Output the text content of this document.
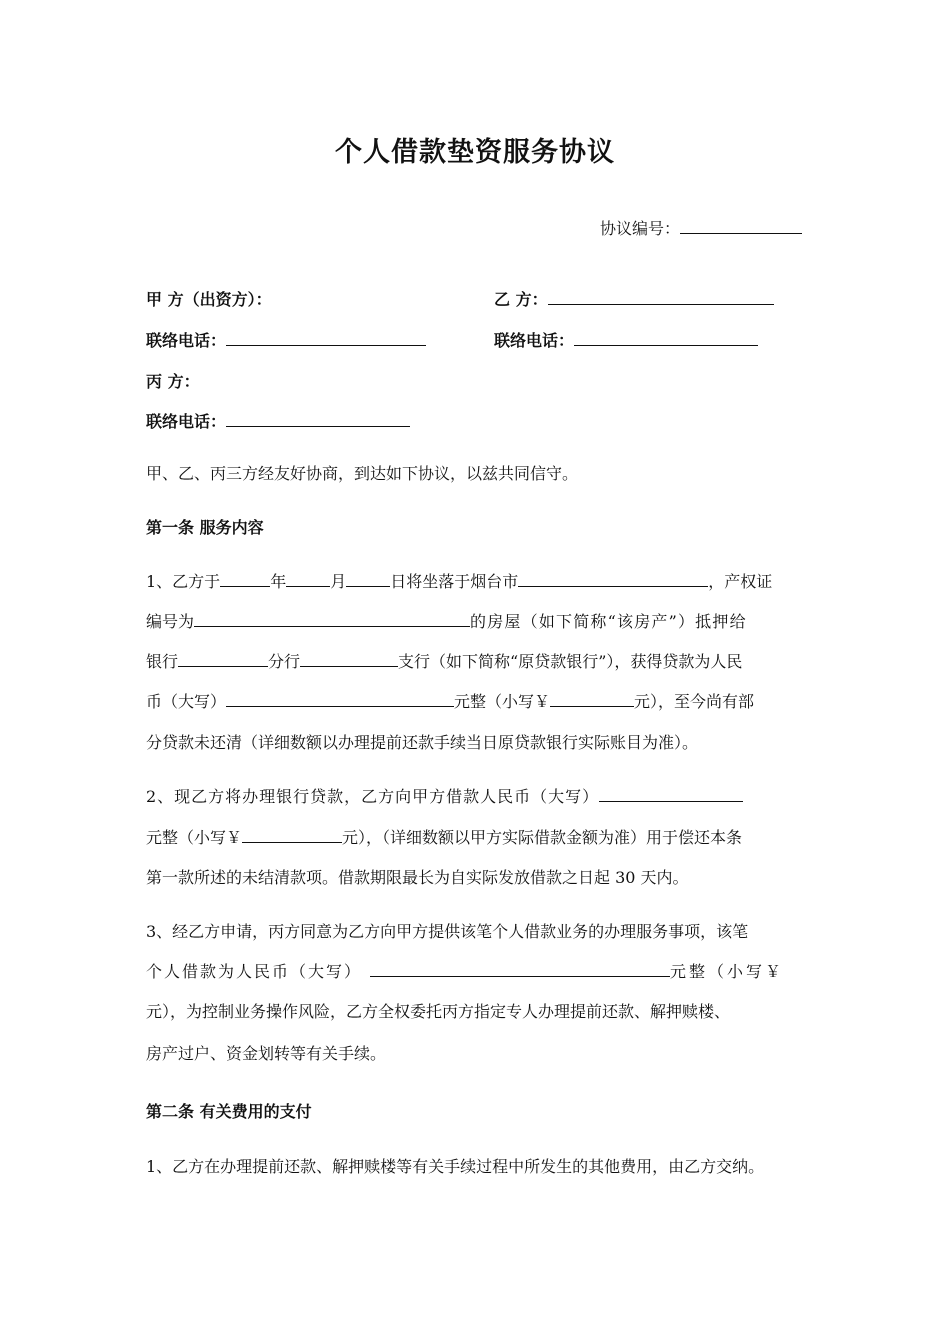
个人借款垫资服务协议
协议编号：
甲 方（出资方）：	乙 方：
联络电话：	联络电话：
丙 方：
联络电话：
甲、乙、丙三方经友好协商，到达如下协议，以兹共同信守。
第一条 服务内容
1、乙方于	年	月	日将坐落于烟台市	，产权证
编号为	的房屋（如下简称“该房产”）抵押给
银行	分行	支行（如下简称“原贷款银行”），获得贷款为人民
币（大写）	元整（小写￥	元），至今尚有部
分贷款未还清（详细数额以办理提前还款手续当日原贷款银行实际账目为准）。
2、现乙方将办理银行贷款，乙方向甲方借款人民币（大写）
元整（小写￥	元），（详细数额以甲方实际借款金额为准）用于偿还本条
第一款所述的未结清款项。借款期限最长为自实际发放借款之日起 30 天内。
3、经乙方申请，丙方同意为乙方向甲方提供该笔个人借款业务的办理服务事项，该笔
个人借款为人民币（大写）	元整（小写￥
元），为控制业务操作风险，乙方全权委托丙方指定专人办理提前还款、解押赎楼、
房产过户、资金划转等有关手续。
第二条 有关费用的支付
1、乙方在办理提前还款、解押赎楼等有关手续过程中所发生的其他费用，由乙方交纳。
